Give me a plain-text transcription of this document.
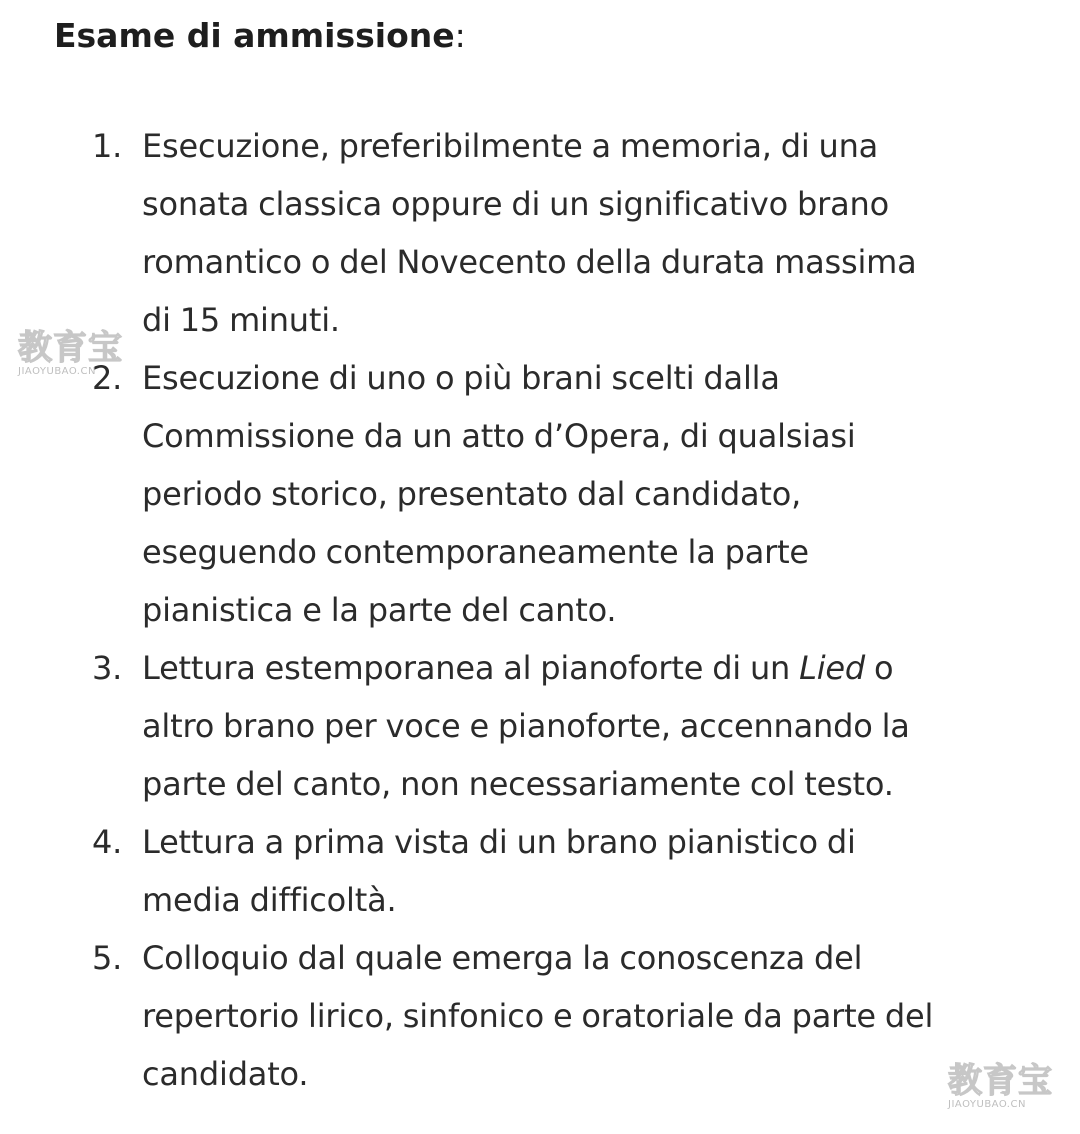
Esame di ammissione:
1. Esecuzione, preferibilmente a memoria, di una
sonata classica oppure di un significativo brano
romantico o del Novecento della durata massima
di 15 minuti.
2. Esecuzione di uno o più brani scelti dalla
Commissione da un atto d’Opera, di qualsiasi
periodo storico, presentato dal candidato,
eseguendo contemporaneamente la parte
pianistica e la parte del canto.
3. Lettura estemporanea al pianoforte di un Lied o
altro brano per voce e pianoforte, accennando la
parte del canto, non necessariamente col testo.
4. Lettura a prima vista di un brano pianistico di
media difficoltà.
5. Colloquio dal quale emerga la conoscenza del
repertorio lirico, sinfonico e oratoriale da parte del
candidato.
教育宝
JIAOYUBAO.CN
教育宝
JIAOYUBAO.CN
